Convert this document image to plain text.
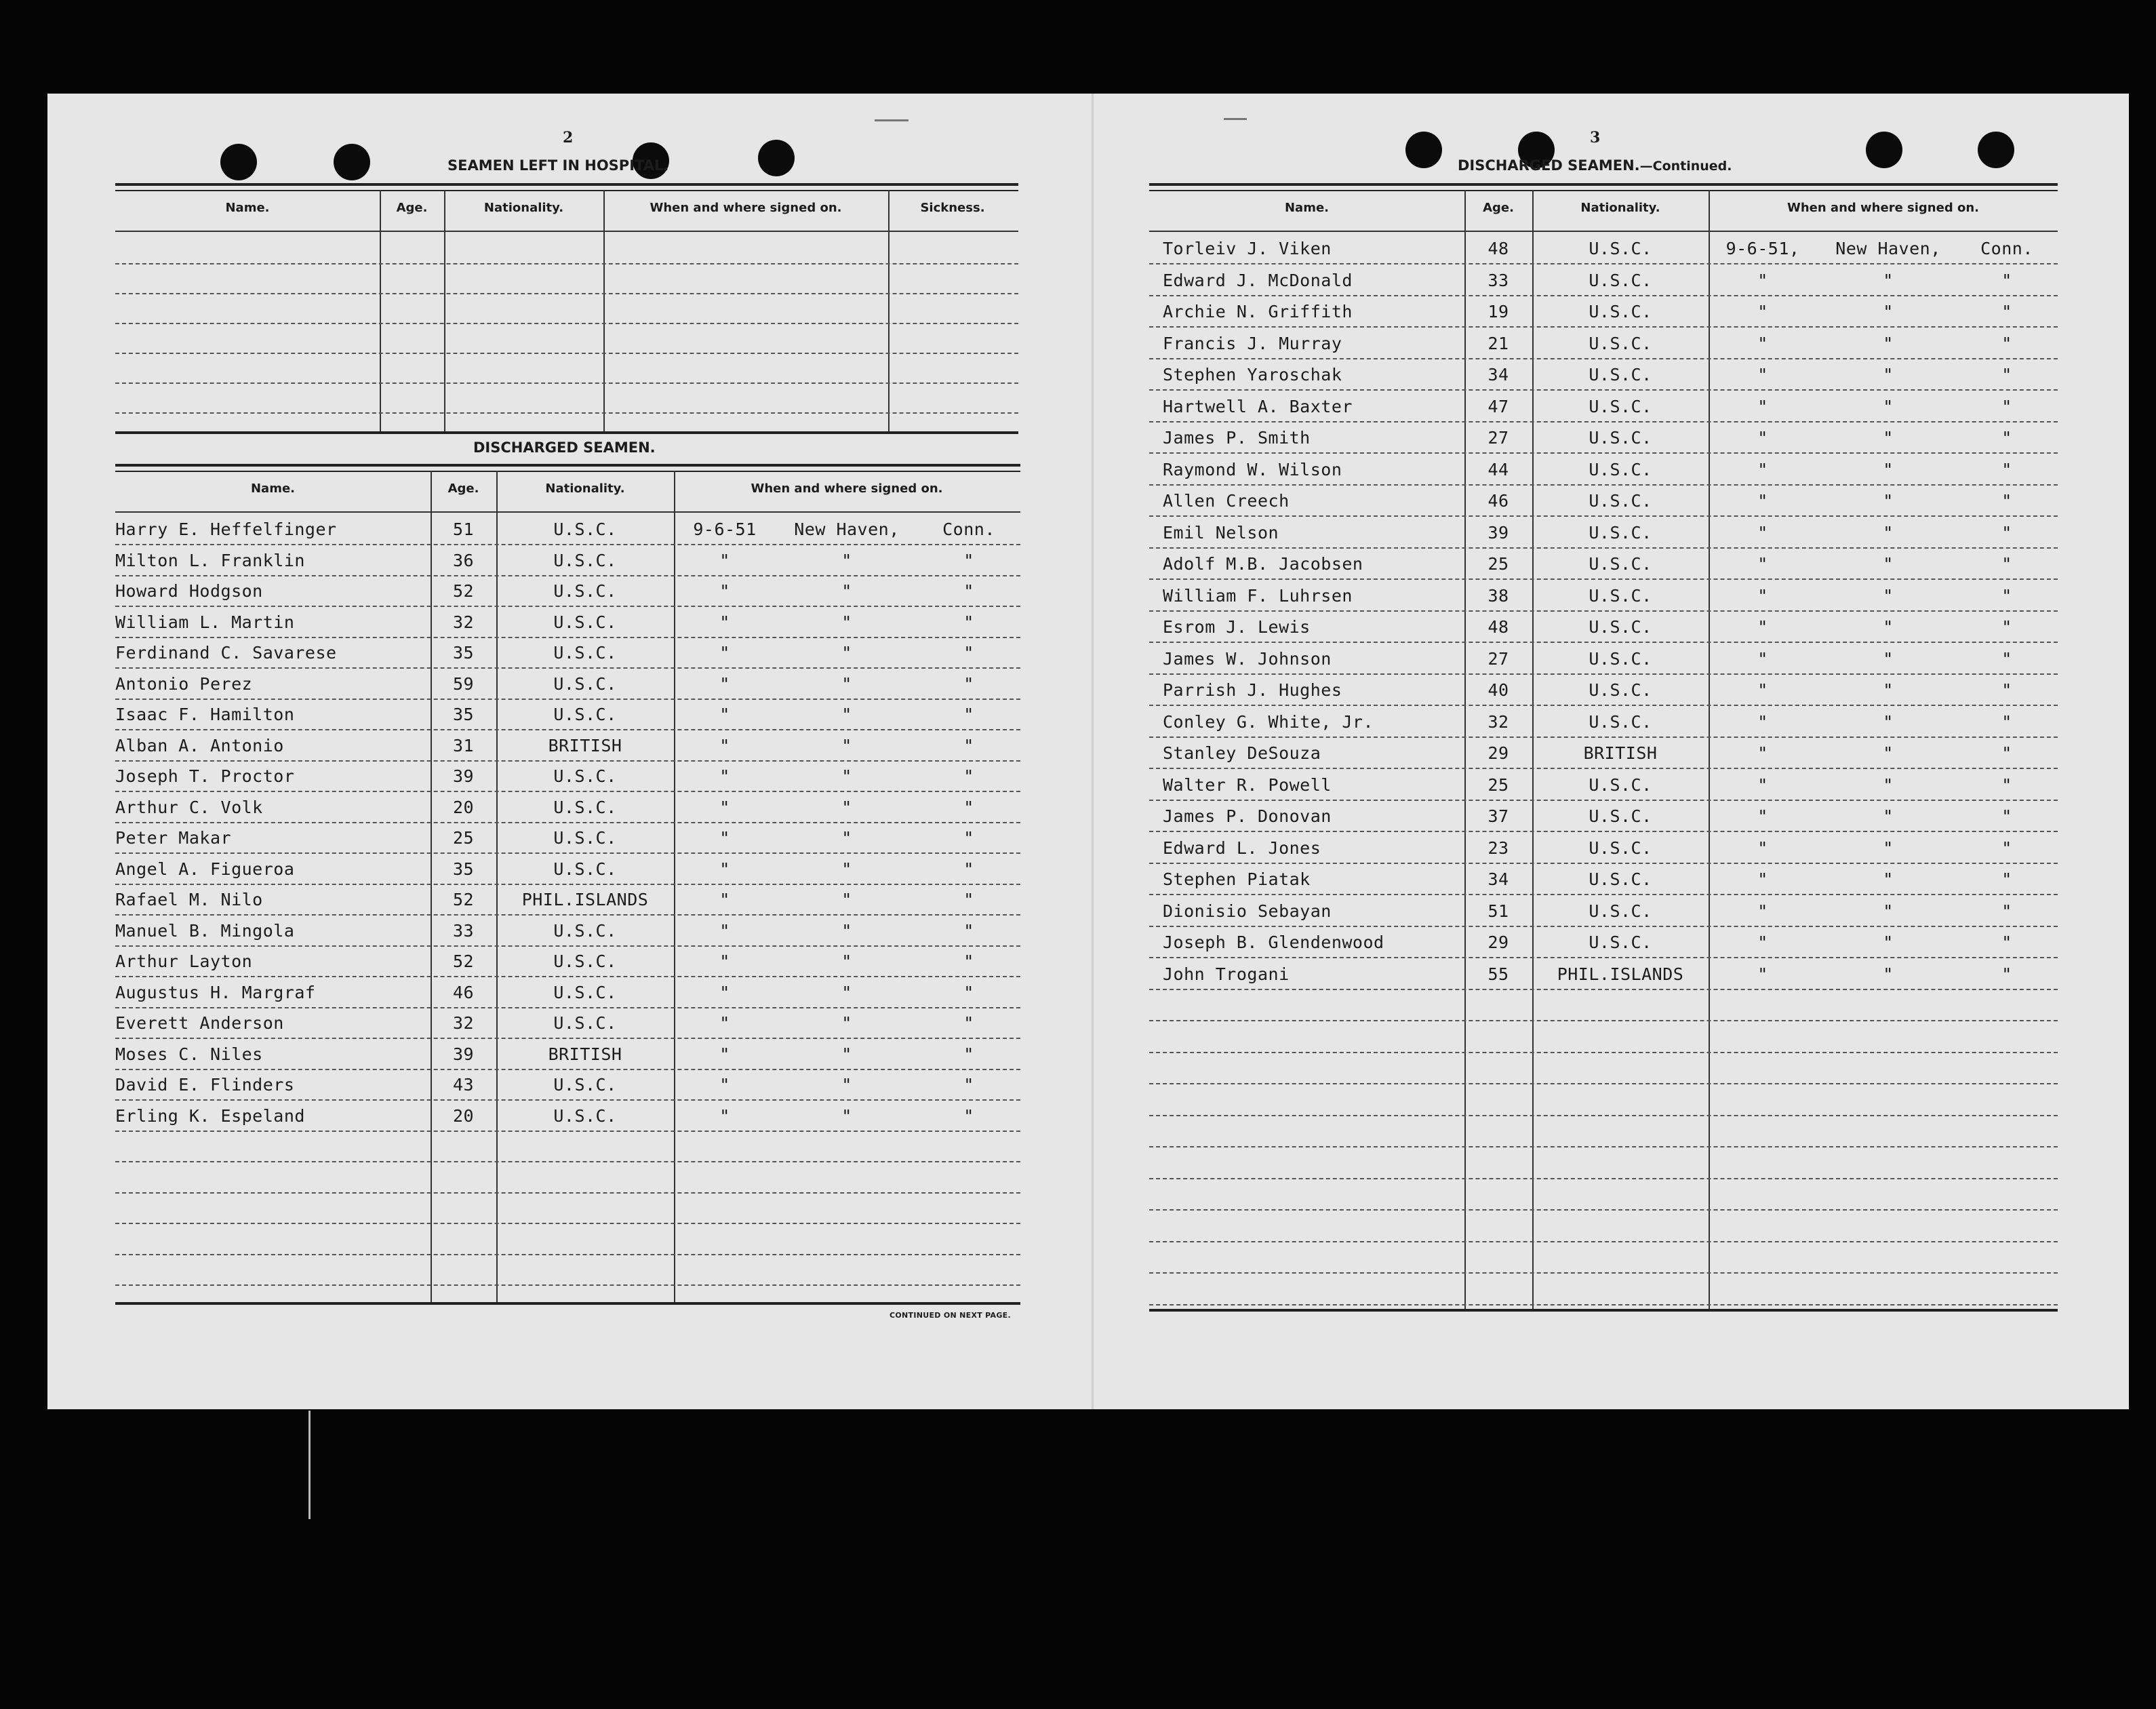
2
SEAMEN LEFT IN HOSPITAL.
Name.	Age.	Nationality.	When and where signed on.	Sickness.
DISCHARGED SEAMEN.
Name.	Age.	Nationality.	When and where signed on.
Harry E. Heffelfinger	51	U.S.C.	9-6-51	New Haven,	Conn.
Milton L. Franklin	36	U.S.C.	"	"	"
Howard Hodgson	52	U.S.C.	"	"	"
William L. Martin	32	U.S.C.	"	"	"
Ferdinand C. Savarese	35	U.S.C.	"	"	"
Antonio Perez	59	U.S.C.	"	"	"
Isaac F. Hamilton	35	U.S.C.	"	"	"
Alban A. Antonio	31	BRITISH	"	"	"
Joseph T. Proctor	39	U.S.C.	"	"	"
Arthur C. Volk	20	U.S.C.	"	"	"
Peter Makar	25	U.S.C.	"	"	"
Angel A. Figueroa	35	U.S.C.	"	"	"
Rafael M. Nilo	52	PHIL.ISLANDS	"	"	"
Manuel B. Mingola	33	U.S.C.	"	"	"
Arthur Layton	52	U.S.C.	"	"	"
Augustus H. Margraf	46	U.S.C.	"	"	"
Everett Anderson	32	U.S.C.	"	"	"
Moses C. Niles	39	BRITISH	"	"	"
David E. Flinders	43	U.S.C.	"	"	"
Erling K. Espeland	20	U.S.C.	"	"	"
CONTINUED ON NEXT PAGE.
3
DISCHARGED SEAMEN.—Continued.
Name.	Age.	Nationality.	When and where signed on.
Torleiv J. Viken	48	U.S.C.	9-6-51,	New Haven,	Conn.
Edward J. McDonald	33	U.S.C.	"	"	"
Archie N. Griffith	19	U.S.C.	"	"	"
Francis J. Murray	21	U.S.C.	"	"	"
Stephen Yaroschak	34	U.S.C.	"	"	"
Hartwell A. Baxter	47	U.S.C.	"	"	"
James P. Smith	27	U.S.C.	"	"	"
Raymond W. Wilson	44	U.S.C.	"	"	"
Allen Creech	46	U.S.C.	"	"	"
Emil Nelson	39	U.S.C.	"	"	"
Adolf M.B. Jacobsen	25	U.S.C.	"	"	"
William F. Luhrsen	38	U.S.C.	"	"	"
Esrom J. Lewis	48	U.S.C.	"	"	"
James W. Johnson	27	U.S.C.	"	"	"
Parrish J. Hughes	40	U.S.C.	"	"	"
Conley G. White, Jr.	32	U.S.C.	"	"	"
Stanley DeSouza	29	BRITISH	"	"	"
Walter R. Powell	25	U.S.C.	"	"	"
James P. Donovan	37	U.S.C.	"	"	"
Edward L. Jones	23	U.S.C.	"	"	"
Stephen Piatak	34	U.S.C.	"	"	"
Dionisio Sebayan	51	U.S.C.	"	"	"
Joseph B. Glendenwood	29	U.S.C.	"	"	"
John Trogani	55	PHIL.ISLANDS	"	"	"
